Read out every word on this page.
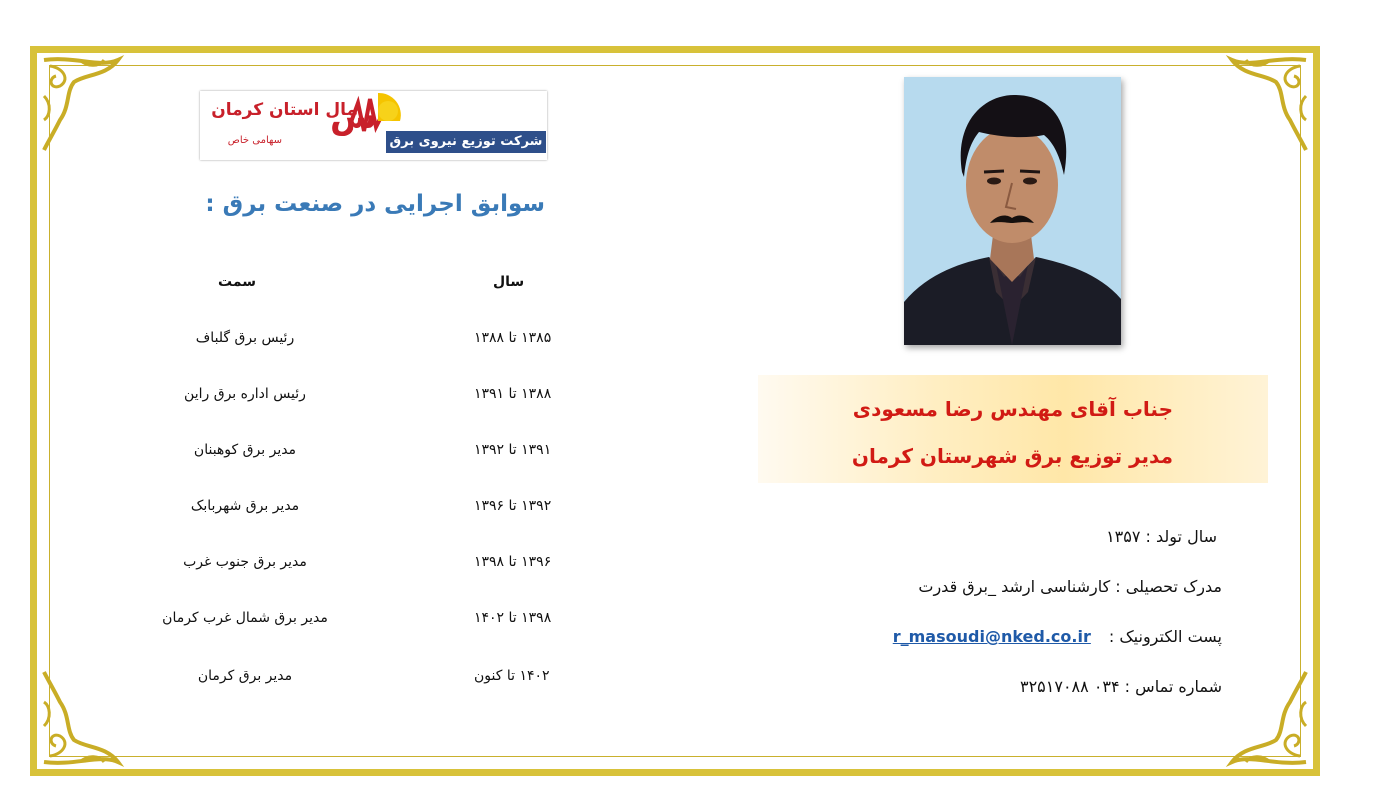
مال استان کرمان
ش
شرکت توزیع نیروی برق
سهامی خاص
سوابق اجرایی در صنعت برق :
سال
سمت
۱۳۸۵ تا ۱۳۸۸
رئیس برق گلباف
۱۳۸۸ تا ۱۳۹۱
رئیس اداره برق راین
۱۳۹۱ تا ۱۳۹۲
مدیر برق کوهبنان
۱۳۹۲ تا ۱۳۹۶
مدیر برق شهربابک
۱۳۹۶ تا ۱۳۹۸
مدیر برق جنوب غرب
۱۳۹۸ تا ۱۴۰۲
مدیر برق شمال غرب کرمان
۱۴۰۲ تا کنون
مدیر برق کرمان
جناب آقای مهندس رضا مسعودی
مدیر توزیع برق شهرستان کرمان
سال تولد : ۱۳۵۷
مدرک تحصیلی : کارشناسی ارشد _برق قدرت
پست الکترونیک :r_masoudi@nked.co.ir
شماره تماس : ۰۳۴ ۳۲۵۱۷۰۸۸
